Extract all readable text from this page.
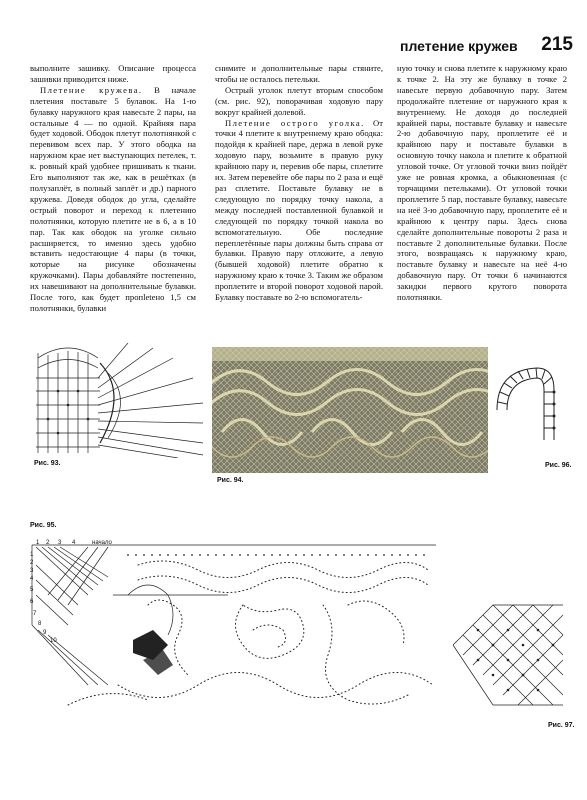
плетение кружев 215

выполните зашивку. Описание процесса зашивки приводится ниже.

Плетение кружева. В начале плетения поставьте 5 булавок. На 1-ю булавку наружного края навесьте 2 пары, на остальные 4 — по одной. Крайняя пара будет ходовой. Ободок плетут полотнянкой с перевивом всех пар. У этого ободка на наружном крае нет выступающих петелек, т. к. ровный край удобнее пришивать к ткани. Его выполняют так же, как в решётках (в полузаплёт, в полный заплёт и др.) парного кружева. Доведя ободок до угла, сделайте острый поворот и переход к плетению полотнянки, которую плетите не в 6, а в 10 пар. Так как ободок на уголке сильно расширяется, то именно здесь удобно вставить недостающие 4 пары (в точки, которые на рисунке обозначены кружочками). Пары добавляйте постепенно, их навешивают на дополнительные булавки. После того, как будет пропletено 1,5 см полотнянки, булавки

снимите и дополнительные пары стяните, чтобы не осталось петельки.

Острый уголок плетут вторым способом (см. рис. 92), поворачивая ходовую пару вокруг крайней долевой.

Плетение острого уголка. От точки 4 плетите к внутреннему краю ободка: подойдя к крайней паре, держа в левой руке ходовую пару, возьмите в правую руку крайнюю пару и, перевив обе пары, сплетите их. Затем перевейте обе пары по 2 раза и ещё раз сплетите. Поставьте булавку не в следующую по порядку точку накола, а между последней поставленной булавкой и следующей по порядку точкой накола во вспомогательную. Обе последние переплетённые пары должны быть справа от булавки. Правую пару отложите, а левую (бывшей ходовой) плетите обратно к наружному краю к точке 3. Таким же образом проплетите и второй поворот ходовой парой. Булавку поставьте во 2-ю вспомогатель-

ную точку и снова плетите к наружному краю к точке 2. На эту же булавку в точке 2 навесьте первую добавочную пару. Затем продолжайте плетение от наружного края к внутреннему. Не доходя до последней крайней пары, поставьте булавку и навесьте 2-ю добавочную пару, проплетите её и крайнюю пару и поставьте булавки в основную точку накола и плетите к обратной угловой точке. От угловой точки вниз пойдёт уже не ровная кромка, а обыкновенная (с торчащими петельками). От угловой точки проплетите 5 пар, поставьте булавку, навесьте на неё 3-ю добавочную пару, проплетите её и крайнюю к центру пары. Здесь снова сделайте дополнительные повороты 2 раза и поставьте 2 дополнительные булавки. После этого, возвращаясь к наружному краю, поставьте булавку и навесьте на неё 4-ю добавочную пару. От точки 6 начинаются закидки первого крутого поворота полотнянки.

Рис. 93.
Рис. 94.
Рис. 96.
Рис. 95.
начало
1 2 3 4
1
2
3
4
5
6
7
8
9
10
Рис. 97.
